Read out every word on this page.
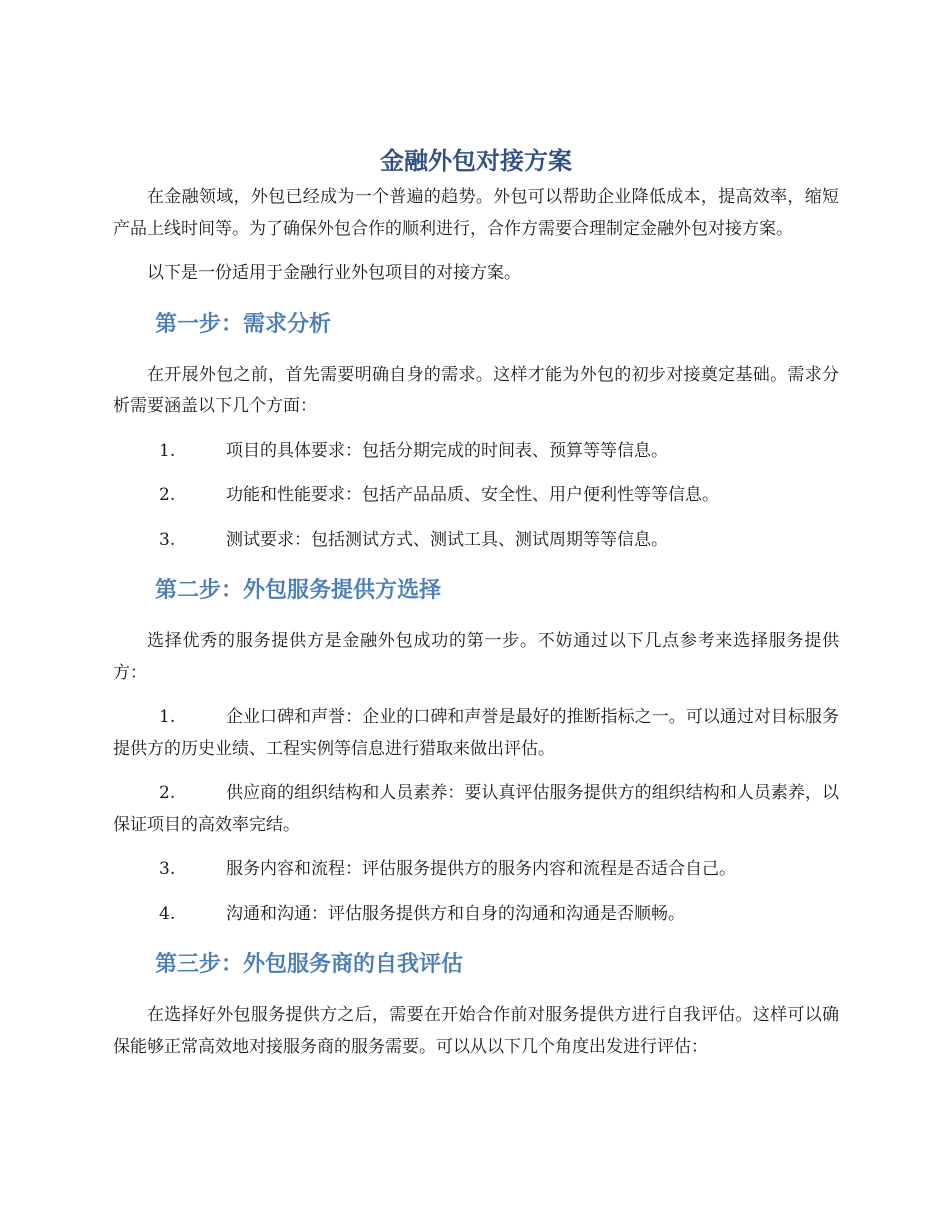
金融外包对接方案

在金融领域，外包已经成为一个普遍的趋势。外包可以帮助企业降低成本，提高效率，缩短产品上线时间等。为了确保外包合作的顺利进行，合作方需要合理制定金融外包对接方案。

以下是一份适用于金融行业外包项目的对接方案。

第一步：需求分析

在开展外包之前，首先需要明确自身的需求。这样才能为外包的初步对接奠定基础。需求分析需要涵盖以下几个方面：

1.	项目的具体要求：包括分期完成的时间表、预算等等信息。
2.	功能和性能要求：包括产品品质、安全性、用户便利性等等信息。
3.	测试要求：包括测试方式、测试工具、测试周期等等信息。
第二步：外包服务提供方选择

选择优秀的服务提供方是金融外包成功的第一步。不妨通过以下几点参考来选择服务提供方：

1.	企业口碑和声誉：企业的口碑和声誉是最好的推断指标之一。可以通过对目标服务提供方的历史业绩、工程实例等信息进行猎取来做出评估。
2.	供应商的组织结构和人员素养：要认真评估服务提供方的组织结构和人员素养，以保证项目的高效率完结。
3.	服务内容和流程：评估服务提供方的服务内容和流程是否适合自己。
4.	沟通和沟通：评估服务提供方和自身的沟通和沟通是否顺畅。
第三步：外包服务商的自我评估

在选择好外包服务提供方之后，需要在开始合作前对服务提供方进行自我评估。这样可以确保能够正常高效地对接服务商的服务需要。可以从以下几个角度出发进行评估：
